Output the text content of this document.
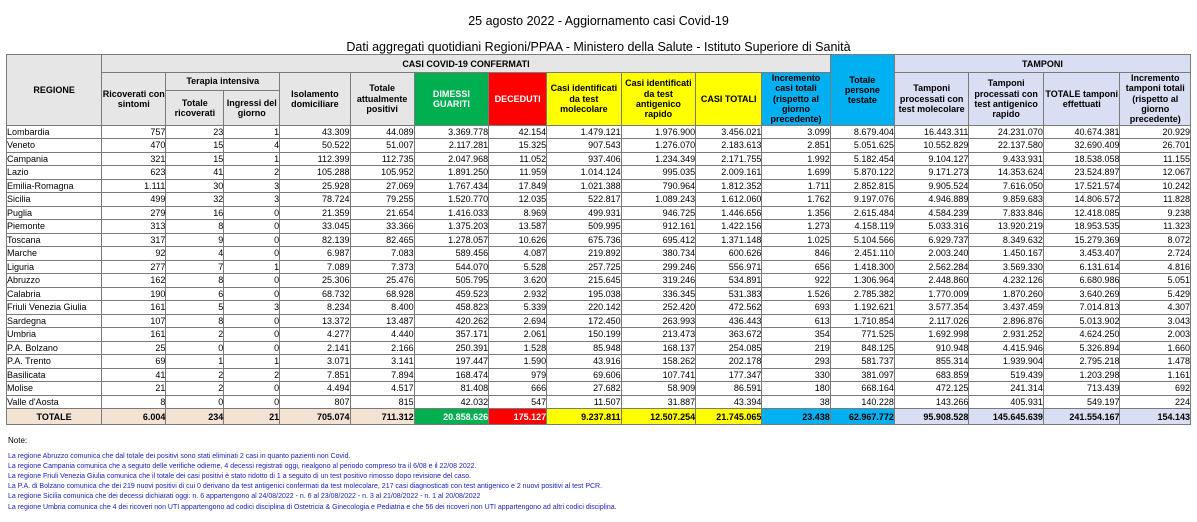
25 agosto 2022 - Aggiornamento casi Covid-19
Dati aggregati quotidiani Regioni/PPAA - Ministero della Salute - Istituto Superiore di Sanità
REGIONE	CASI COVID-19 CONFERMATI											Totale persone testate	TAMPONI			
	Ricoverati con sintomi	Terapia intensiva		Isolamento domiciliare	Totale attualmente positivi	DIMESSI GUARITI	DECEDUTI	Casi identificati da test molecolare	Casi identificati da test antigenico rapido	CASI TOTALI	Incremento casi totali (rispetto al giorno precedente)		Tamponi processati con test molecolare	Tamponi processati con test antigenico rapido	TOTALE tamponi effettuati	Incremento tamponi totali (rispetto al giorno precedente)
		Totale ricoverati	Ingressi del giorno													
Lombardia	757	23	1	43.309	44.089	3.369.778	42.154	1.479.121	1.976.900	3.456.021	3.099	8.679.404	16.443.311	24.231.070	40.674.381	20.929
Veneto	470	15	4	50.522	51.007	2.117.281	15.325	907.543	1.276.070	2.183.613	2.851	5.051.625	10.552.829	22.137.580	32.690.409	26.701
Campania	321	15	1	112.399	112.735	2.047.968	11.052	937.406	1.234.349	2.171.755	1.992	5.182.454	9.104.127	9.433.931	18.538.058	11.155
Lazio	623	41	2	105.288	105.952	1.891.250	11.959	1.014.124	995.035	2.009.161	1.699	5.870.122	9.171.273	14.353.624	23.524.897	12.067
Emilia-Romagna	1.111	30	3	25.928	27.069	1.767.434	17.849	1.021.388	790.964	1.812.352	1.711	2.852.815	9.905.524	7.616.050	17.521.574	10.242
Sicilia	499	32	3	78.724	79.255	1.520.770	12.035	522.817	1.089.243	1.612.060	1.762	9.197.076	4.946.889	9.859.683	14.806.572	11.828
Puglia	279	16	0	21.359	21.654	1.416.033	8.969	499.931	946.725	1.446.656	1.356	2.615.484	4.584.239	7.833.846	12.418.085	9.238
Piemonte	313	8	0	33.045	33.366	1.375.203	13.587	509.995	912.161	1.422.156	1.273	4.158.119	5.033.316	13.920.219	18.953.535	11.323
Toscana	317	9	0	82.139	82.465	1.278.057	10.626	675.736	695.412	1.371.148	1.025	5.104.566	6.929.737	8.349.632	15.279.369	8.072
Marche	92	4	0	6.987	7.083	589.456	4.087	219.892	380.734	600.626	846	2.451.110	2.003.240	1.450.167	3.453.407	2.724
Liguria	277	7	1	7.089	7.373	544.070	5.528	257.725	299.246	556.971	656	1.418.300	2.562.284	3.569.330	6.131.614	4.816
Abruzzo	162	8	0	25.306	25.476	505.795	3.620	215.645	319.246	534.891	922	1.306.964	2.448.860	4.232.126	6.680.986	5.051
Calabria	190	6	0	68.732	68.928	459.523	2.932	195.038	336.345	531.383	1.526	2.785.382	1.770.009	1.870.260	3.640.269	5.429
Friuli Venezia Giulia	161	5	3	8.234	8.400	458.823	5.339	220.142	252.420	472.562	693	1.192.621	3.577.354	3.437.459	7.014.813	4.307
Sardegna	107	8	0	13.372	13.487	420.262	2.694	172.450	263.993	436.443	613	1.710.854	2.117.026	2.896.876	5.013.902	3.043
Umbria	161	2	0	4.277	4.440	357.171	2.061	150.199	213.473	363.672	354	771.525	1.692.998	2.931.252	4.624.250	2.003
P.A. Bolzano	25	0	0	2.141	2.166	250.391	1.528	85.948	168.137	254.085	219	848.125	910.948	4.415.946	5.326.894	1.660
P.A. Trento	69	1	1	3.071	3.141	197.447	1.590	43.916	158.262	202.178	293	581.737	855.314	1.939.904	2.795.218	1.478
Basilicata	41	2	2	7.851	7.894	168.474	979	69.606	107.741	177.347	330	381.097	683.859	519.439	1.203.298	1.161
Molise	21	2	0	4.494	4.517	81.408	666	27.682	58.909	86.591	180	668.164	472.125	241.314	713.439	692
Valle d'Aosta	8	0	0	807	815	42.032	547	11.507	31.887	43.394	38	140.228	143.266	405.931	549.197	224
TOTALE	6.004	234	21	705.074	711.312	20.858.626	175.127	9.237.811	12.507.254	21.745.065	23.438	62.967.772	95.908.528	145.645.639	241.554.167	154.143
Note:
La regione Abruzzo comunica che dal totale dei positivi sono stati eliminati 2 casi in quanto pazienti non Covid.
La regione Campania comunica che a seguito delle verifiche odierne, 4 decessi registrati oggi, riealgono al periodo compreso tra il 6/08 e il 22/08 2022.
La regione Friuli Venezia Giulia comunica che il totale dei casi positivi è stato ridotto di 1 a seguito di un test positivo rimosso dopo revisione del caso.
La P.A. di Bolzano comunica che dei 219 nuovi positivi di cui 0 derivano da test antigenici confermati da test molecolare, 217 casi diagnosticati con test antigenico e 2 nuovi positivi al test PCR.
La regione Sicilia comunica che dei decessi dichiarati oggi: n. 6 appartengono al 24/08/2022 - n. 6 al 23/08/2022 - n. 3 al 21/08/2022 - n. 1 al 20/08/2022
La regione Umbria comunica che 4 dei ricoveri non UTI appartengono ad codici disciplina di Ostetricia & Ginecologia e Pediatria e che 56 dei ricoveri non UTI appartengono ad altri codici disciplina.
